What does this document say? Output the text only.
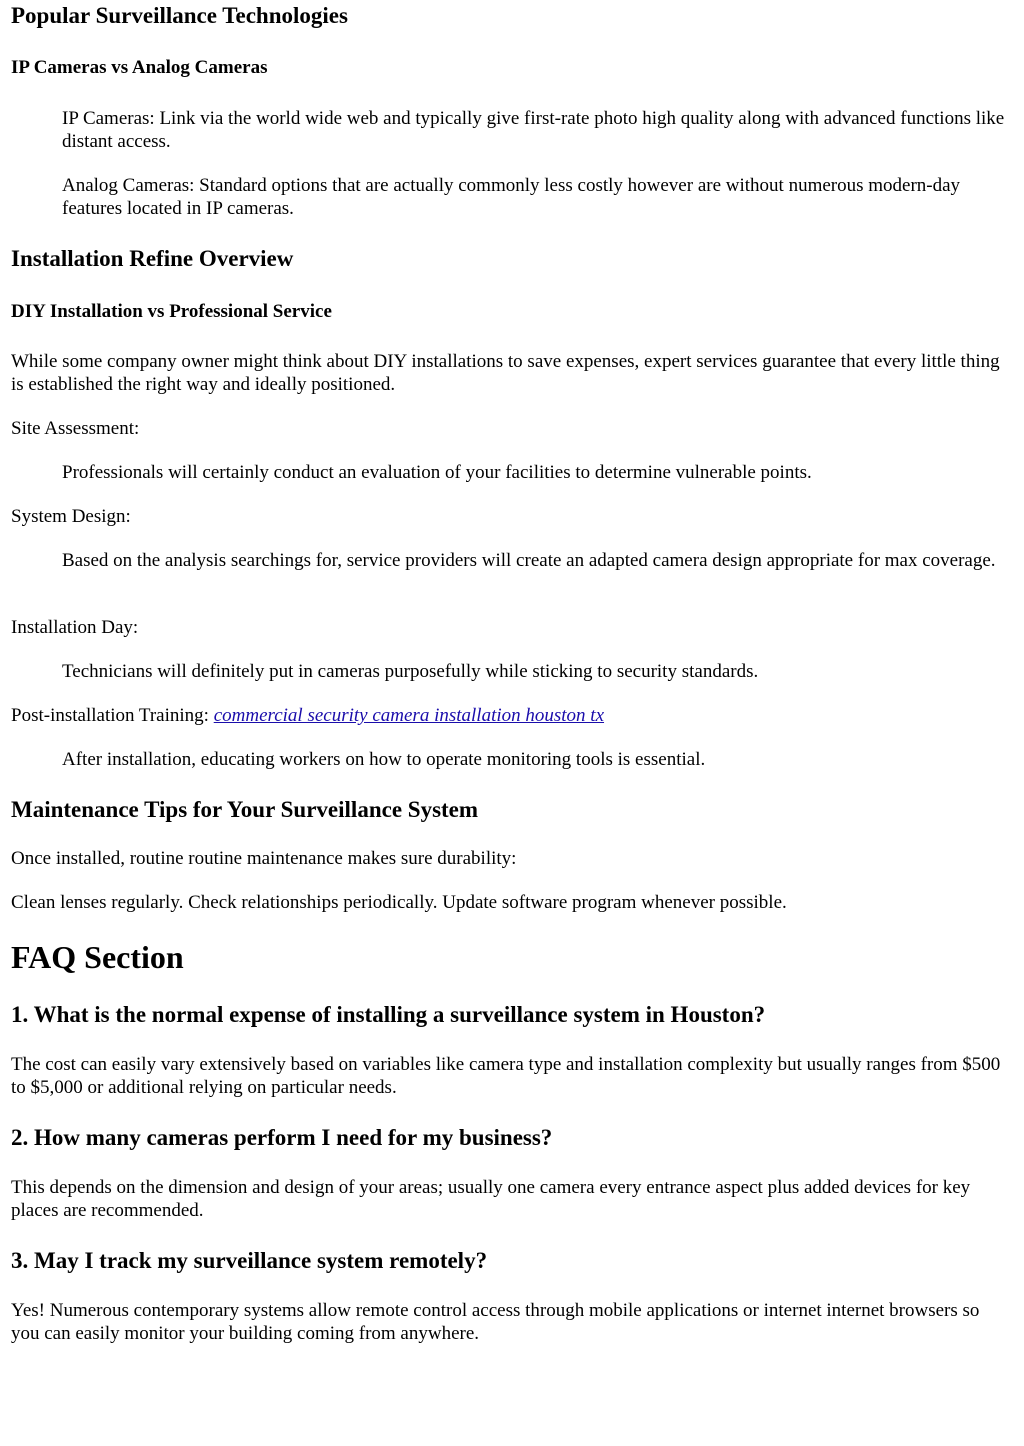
Popular Surveillance Technologies
IP Cameras vs Analog Cameras

IP Cameras: Link via the world wide web and typically give first-rate photo high quality along with advanced functions like distant access.

Analog Cameras: Standard options that are actually commonly less costly however are without numerous modern-day features located in IP cameras.

Installation Refine Overview
DIY Installation vs Professional Service

While some company owner might think about DIY installations to save expenses, expert services guarantee that every little thing is established the right way and ideally positioned.

Site Assessment:

Professionals will certainly conduct an evaluation of your facilities to determine vulnerable points.

System Design:

Based on the analysis searchings for, service providers will create an adapted camera design appropriate for max coverage.

Installation Day:

Technicians will definitely put in cameras purposefully while sticking to security standards.

Post-installation Training: commercial security camera installation houston tx

After installation, educating workers on how to operate monitoring tools is essential.

Maintenance Tips for Your Surveillance System

Once installed, routine routine maintenance makes sure durability:

Clean lenses regularly. Check relationships periodically. Update software program whenever possible.

FAQ Section
1. What is the normal expense of installing a surveillance system in Houston?

The cost can easily vary extensively based on variables like camera type and installation complexity but usually ranges from $500 to $5,000 or additional relying on particular needs.

2. How many cameras perform I need for my business?

This depends on the dimension and design of your areas; usually one camera every entrance aspect plus added devices for key places are recommended.

3. May I track my surveillance system remotely?

Yes! Numerous contemporary systems allow remote control access through mobile applications or internet internet browsers so you can easily monitor your building coming from anywhere.
